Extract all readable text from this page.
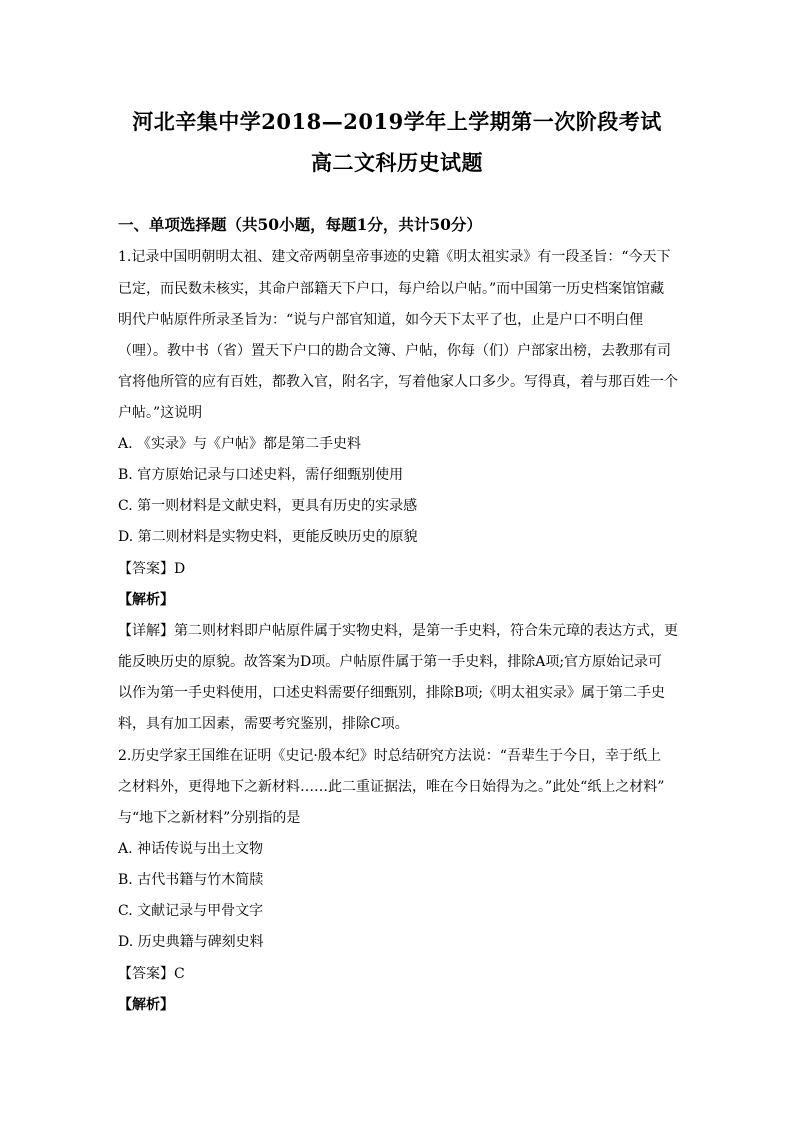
河北辛集中学2018—2019学年上学期第一次阶段考试
高二文科历史试题
一、单项选择题（共50小题，每题1分，共计50分）
1.记录中国明朝明太祖、建文帝两朝皇帝事迹的史籍《明太祖实录》有一段圣旨：“今天下
已定，而民数未核实，其命户部籍天下户口，每户给以户帖。”而中国第一历史档案馆馆藏
明代户帖原件所录圣旨为：“说与户部官知道，如今天下太平了也，止是户口不明白俚
（哩）。教中书（省）置天下户口的勘合文簿、户帖，你每（们）户部家出榜，去教那有司
官将他所管的应有百姓，都教入官，附名字，写着他家人口多少。写得真，着与那百姓一个
户帖。”这说明
A. 《实录》与《户帖》都是第二手史料
B. 官方原始记录与口述史料，需仔细甄别使用
C. 第一则材料是文献史料，更具有历史的实录感
D. 第二则材料是实物史料，更能反映历史的原貌
【答案】D
【解析】
【详解】第二则材料即户帖原件属于实物史料，是第一手史料，符合朱元璋的表达方式，更
能反映历史的原貌。故答案为D项。户帖原件属于第一手史料，排除A项;官方原始记录可
以作为第一手史料使用，口述史料需要仔细甄别，排除B项;《明太祖实录》属于第二手史
料，具有加工因素，需要考究鉴别，排除C项。
2.历史学家王国维在证明《史记·殷本纪》时总结研究方法说：“吾辈生于今日，幸于纸上
之材料外，更得地下之新材料……此二重证据法，唯在今日始得为之。”此处“纸上之材料”
与“地下之新材料”分别指的是
A. 神话传说与出土文物
B. 古代书籍与竹木简牍
C. 文献记录与甲骨文字
D. 历史典籍与碑刻史料
【答案】C
【解析】
